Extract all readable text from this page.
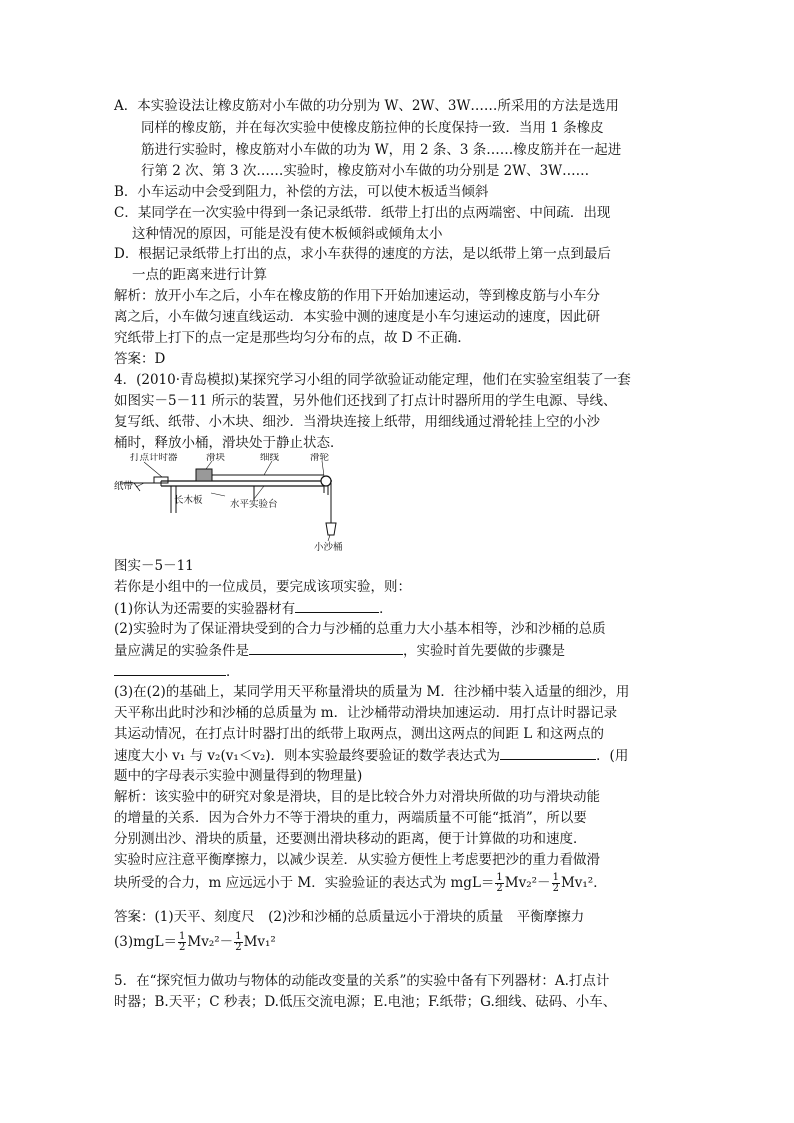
A．本实验设法让橡皮筋对小车做的功分别为 W、2W、3W……所采用的方法是选用
同样的橡皮筋，并在每次实验中使橡皮筋拉伸的长度保持一致．当用 1 条橡皮
筋进行实验时，橡皮筋对小车做的功为 W，用 2 条、3 条……橡皮筋并在一起进
行第 2 次、第 3 次……实验时，橡皮筋对小车做的功分别是 2W、3W……
B．小车运动中会受到阻力，补偿的方法，可以使木板适当倾斜
C．某同学在一次实验中得到一条记录纸带．纸带上打出的点两端密、中间疏．出现
这种情况的原因，可能是没有使木板倾斜或倾角太小
D．根据记录纸带上打出的点，求小车获得的速度的方法，是以纸带上第一点到最后
一点的距离来进行计算
解析：放开小车之后，小车在橡皮筋的作用下开始加速运动，等到橡皮筋与小车分
离之后，小车做匀速直线运动．本实验中测的速度是小车匀速运动的速度，因此研
究纸带上打下的点一定是那些均匀分布的点，故 D 不正确．
答案：D
4．(2010·青岛模拟)某探究学习小组的同学欲验证动能定理，他们在实验室组装了一套
如图实－5－11 所示的装置，另外他们还找到了打点计时器所用的学生电源、导线、
复写纸、纸带、小木块、细沙．当滑块连接上纸带，用细线通过滑轮挂上空的小沙
桶时，释放小桶，滑块处于静止状态．
打点计时器	滑块	细线	滑轮
纸带
长木板	水平实验台
小沙桶
图实－5－11
若你是小组中的一位成员，要完成该项实验，则：
(1)你认为还需要的实验器材有	．
(2)实验时为了保证滑块受到的合力与沙桶的总重力大小基本相等，沙和沙桶的总质
量应满足的实验条件是	，实验时首先要做的步骤是
．
(3)在(2)的基础上，某同学用天平称量滑块的质量为 M．往沙桶中装入适量的细沙，用
天平称出此时沙和沙桶的总质量为 m．让沙桶带动滑块加速运动．用打点计时器记录
其运动情况，在打点计时器打出的纸带上取两点，测出这两点的间距 L 和这两点的
速度大小 v₁ 与 v₂(v₁＜v₂)．则本实验最终要验证的数学表达式为	．(用
题中的字母表示实验中测量得到的物理量)
解析：该实验中的研究对象是滑块，目的是比较合外力对滑块所做的功与滑块动能
的增量的关系．因为合外力不等于滑块的重力，两端质量不可能“抵消”，所以要
分别测出沙、滑块的质量，还要测出滑块移动的距离，便于计算做的功和速度．
实验时应注意平衡摩擦力，以减少误差．从实验方便性上考虑要把沙的重力看做滑
块所受的合力，m 应远远小于 M．实验验证的表达式为 $mgL= \frac{1}{2} Mv_2^2- \frac{1}{2} Mv_1^2$．
答案：(1)天平、刻度尺　(2)沙和沙桶的总质量远小于滑块的质量　平衡摩擦力
$(3)mgL= \frac{1}{2} Mv_2^2- \frac{1}{2} Mv_1^2$
5．在“探究恒力做功与物体的动能改变量的关系”的实验中备有下列器材：A.打点计
时器；B.天平；C 秒表；D.低压交流电源；E.电池；F.纸带；G.细线、砝码、小车、
